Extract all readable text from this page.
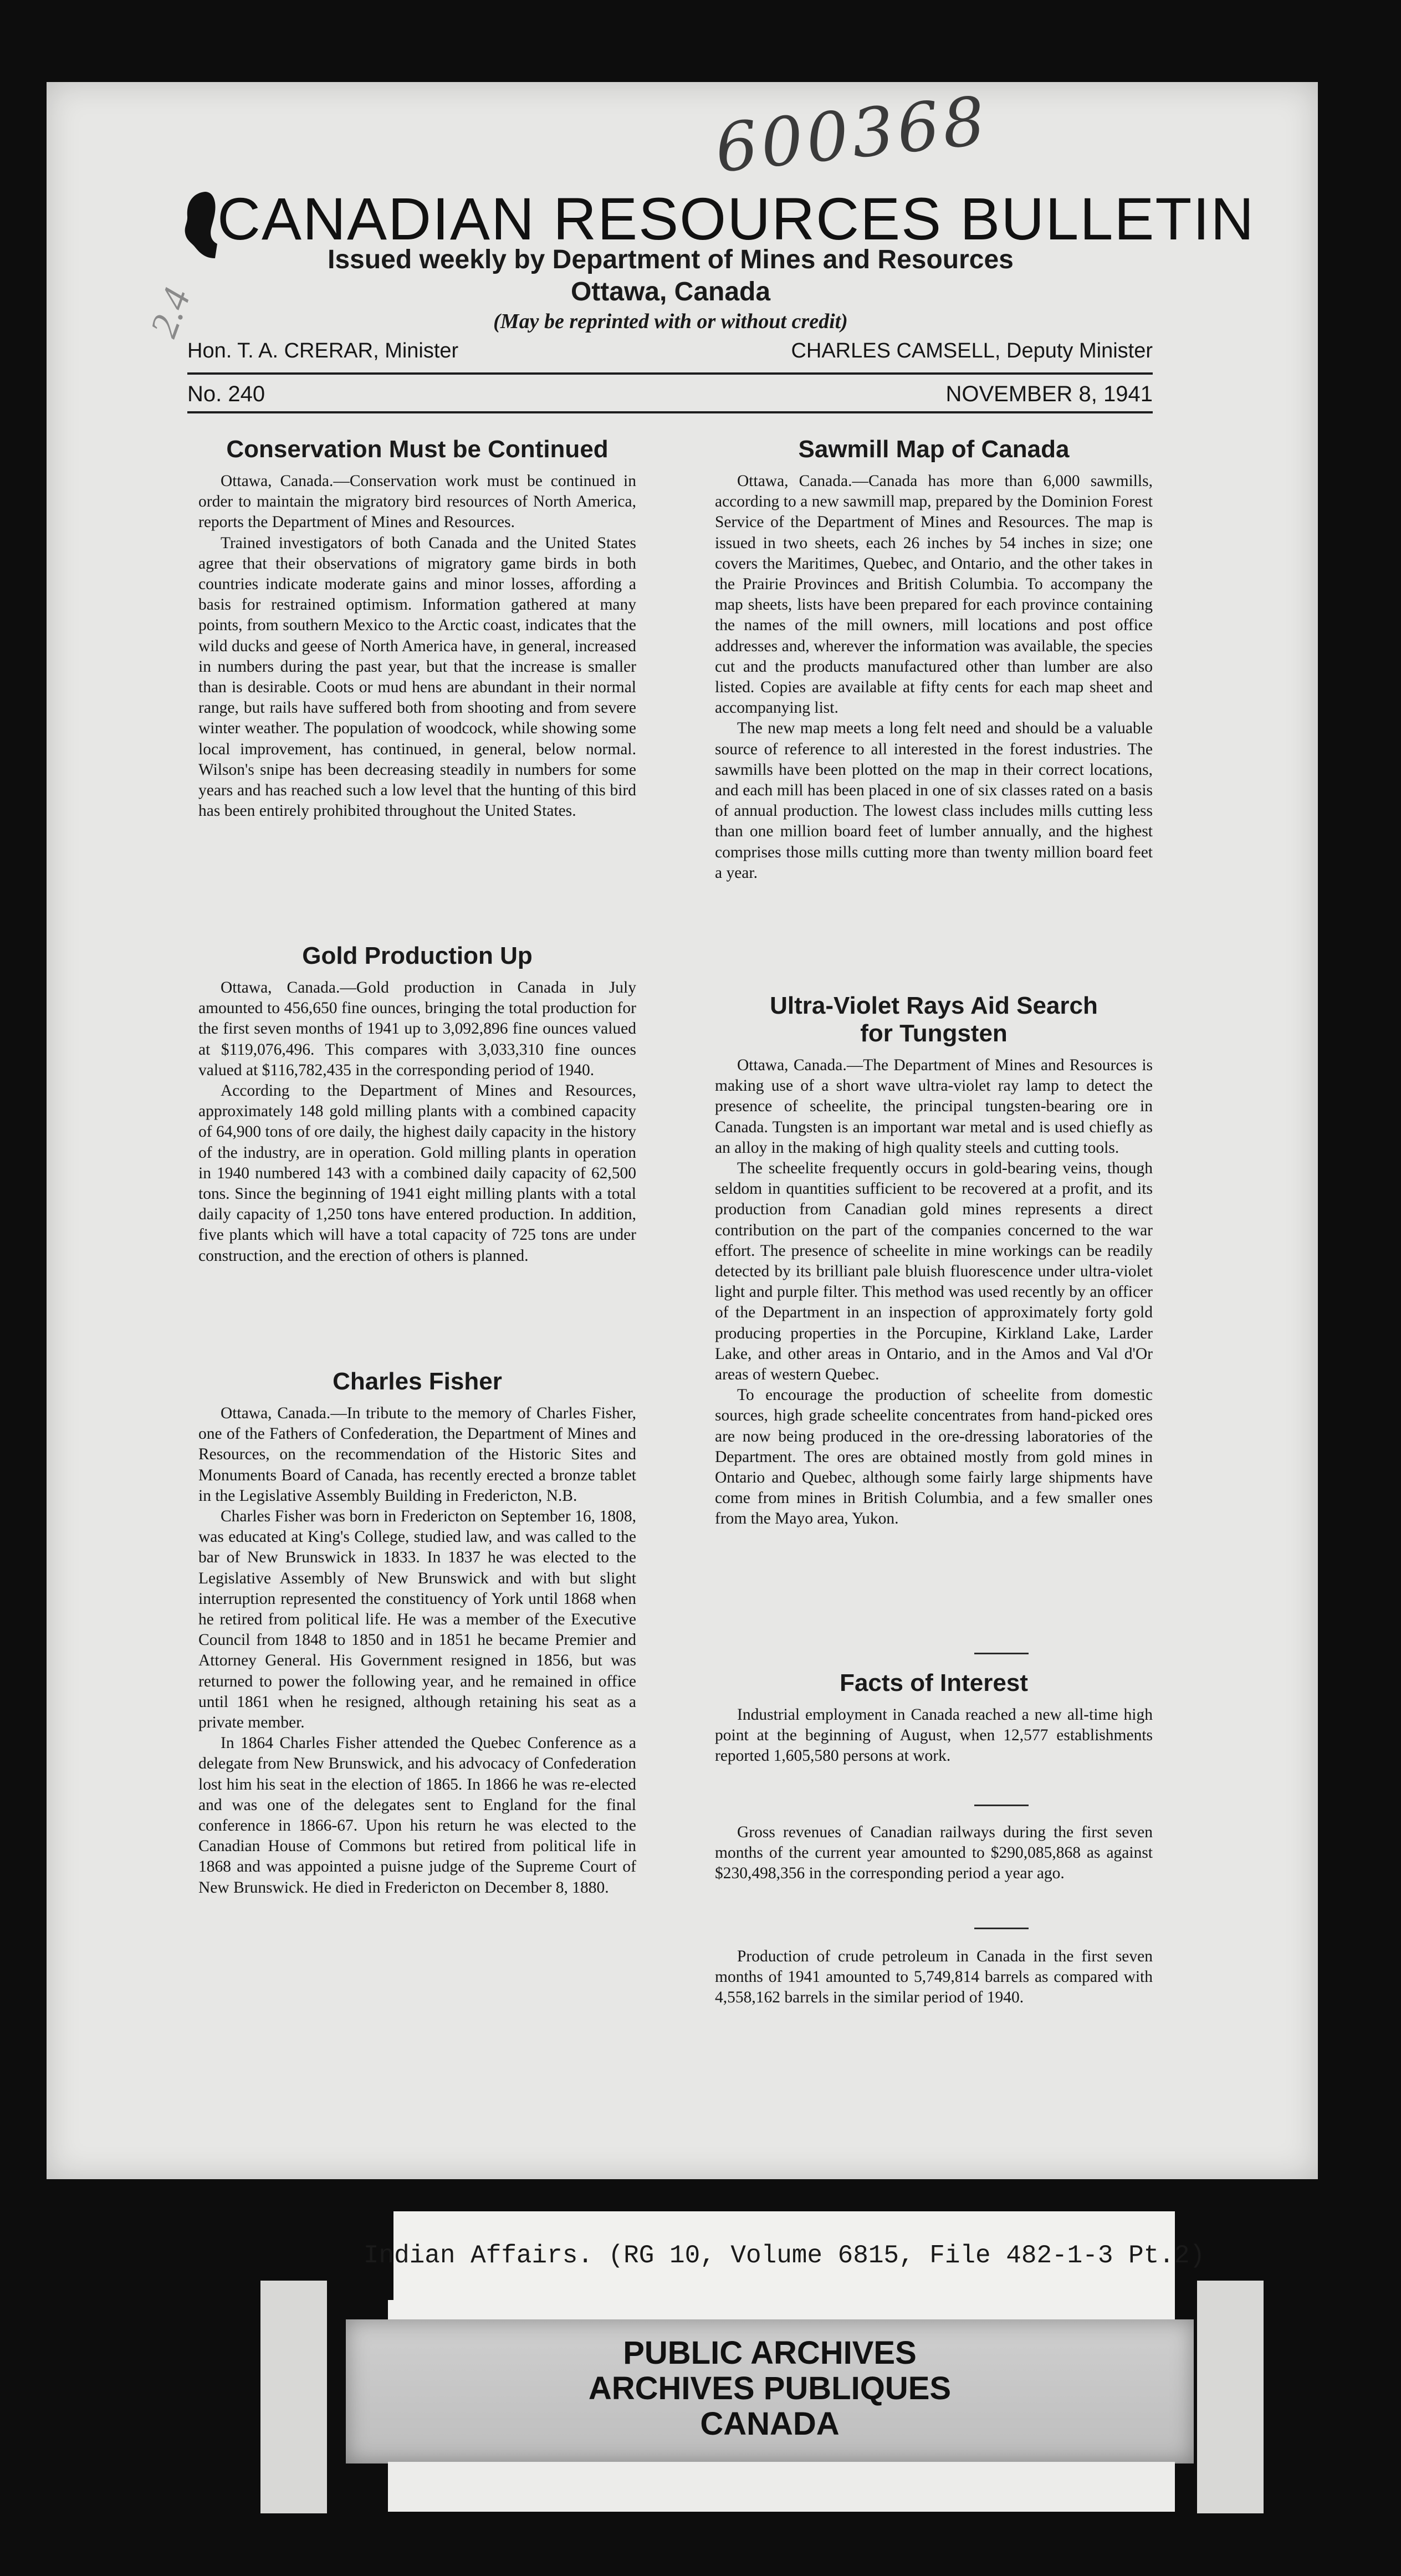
600368
2.4
CANADIAN RESOURCES BULLETIN
Issued weekly by Department of Mines and Resources
Ottawa, Canada
(May be reprinted with or without credit)
Hon. T. A. CRERAR, Minister	CHARLES CAMSELL, Deputy Minister
No. 240	NOVEMBER 8, 1941
Conservation Must be Continued

Ottawa, Canada.—Conservation work must be continued in order to maintain the migratory bird resources of North America, reports the Department of Mines and Resources.

Trained investigators of both Canada and the United States agree that their observations of migratory game birds in both countries indicate moderate gains and minor losses, affording a basis for restrained optimism. Information gathered at many points, from southern Mexico to the Arctic coast, indicates that the wild ducks and geese of North America have, in general, increased in numbers during the past year, but that the increase is smaller than is desirable. Coots or mud hens are abundant in their normal range, but rails have suffered both from shooting and from severe winter weather. The population of woodcock, while showing some local improvement, has continued, in general, below normal. Wilson's snipe has been decreasing steadily in numbers for some years and has reached such a low level that the hunting of this bird has been entirely prohibited throughout the United States.

Gold Production Up

Ottawa, Canada.—Gold production in Canada in July amounted to 456,650 fine ounces, bringing the total production for the first seven months of 1941 up to 3,092,896 fine ounces valued at $119,076,496. This compares with 3,033,310 fine ounces valued at $116,782,435 in the corresponding period of 1940.

According to the Department of Mines and Resources, approximately 148 gold milling plants with a combined capacity of 64,900 tons of ore daily, the highest daily capacity in the history of the industry, are in operation. Gold milling plants in operation in 1940 numbered 143 with a combined daily capacity of 62,500 tons. Since the beginning of 1941 eight milling plants with a total daily capacity of 1,250 tons have entered production. In addition, five plants which will have a total capacity of 725 tons are under construction, and the erection of others is planned.

Charles Fisher

Ottawa, Canada.—In tribute to the memory of Charles Fisher, one of the Fathers of Confederation, the Department of Mines and Resources, on the recommendation of the Historic Sites and Monuments Board of Canada, has recently erected a bronze tablet in the Legislative Assembly Building in Fredericton, N.B.

Charles Fisher was born in Fredericton on September 16, 1808, was educated at King's College, studied law, and was called to the bar of New Brunswick in 1833. In 1837 he was elected to the Legislative Assembly of New Brunswick and with but slight interruption represented the constituency of York until 1868 when he retired from political life. He was a member of the Executive Council from 1848 to 1850 and in 1851 he became Premier and Attorney General. His Government resigned in 1856, but was returned to power the following year, and he remained in office until 1861 when he resigned, although retaining his seat as a private member.

In 1864 Charles Fisher attended the Quebec Conference as a delegate from New Brunswick, and his advocacy of Confederation lost him his seat in the election of 1865. In 1866 he was re-elected and was one of the delegates sent to England for the final conference in 1866-67. Upon his return he was elected to the Canadian House of Commons but retired from political life in 1868 and was appointed a puisne judge of the Supreme Court of New Brunswick. He died in Fredericton on December 8, 1880.

Sawmill Map of Canada

Ottawa, Canada.—Canada has more than 6,000 sawmills, according to a new sawmill map, prepared by the Dominion Forest Service of the Department of Mines and Resources. The map is issued in two sheets, each 26 inches by 54 inches in size; one covers the Maritimes, Quebec, and Ontario, and the other takes in the Prairie Provinces and British Columbia. To accompany the map sheets, lists have been prepared for each province containing the names of the mill owners, mill locations and post office addresses and, wherever the information was available, the species cut and the products manufactured other than lumber are also listed. Copies are available at fifty cents for each map sheet and accompanying list.

The new map meets a long felt need and should be a valuable source of reference to all interested in the forest industries. The sawmills have been plotted on the map in their correct locations, and each mill has been placed in one of six classes rated on a basis of annual production. The lowest class includes mills cutting less than one million board feet of lumber annually, and the highest comprises those mills cutting more than twenty million board feet a year.

Ultra-Violet Rays Aid Search
for Tungsten

Ottawa, Canada.—The Department of Mines and Resources is making use of a short wave ultra-violet ray lamp to detect the presence of scheelite, the principal tungsten-bearing ore in Canada. Tungsten is an important war metal and is used chiefly as an alloy in the making of high quality steels and cutting tools.

The scheelite frequently occurs in gold-bearing veins, though seldom in quantities sufficient to be recovered at a profit, and its production from Canadian gold mines represents a direct contribution on the part of the companies concerned to the war effort. The presence of scheelite in mine workings can be readily detected by its brilliant pale bluish fluorescence under ultra-violet light and purple filter. This method was used recently by an officer of the Department in an inspection of approximately forty gold producing properties in the Porcupine, Kirkland Lake, Larder Lake, and other areas in Ontario, and in the Amos and Val d'Or areas of western Quebec.

To encourage the production of scheelite from domestic sources, high grade scheelite concentrates from hand-picked ores are now being produced in the ore-dressing laboratories of the Department. The ores are obtained mostly from gold mines in Ontario and Quebec, although some fairly large shipments have come from mines in British Columbia, and a few smaller ones from the Mayo area, Yukon.

Facts of Interest

Industrial employment in Canada reached a new all-time high point at the beginning of August, when 12,577 establishments reported 1,605,580 persons at work.

Gross revenues of Canadian railways during the first seven months of the current year amounted to $290,085,868 as against $230,498,356 in the corresponding period a year ago.

Production of crude petroleum in Canada in the first seven months of 1941 amounted to 5,749,814 barrels as compared with 4,558,162 barrels in the similar period of 1940.

Indian Affairs. (RG 10, Volume 6815, File 482-1-3 Pt.2)
PUBLIC ARCHIVES
ARCHIVES PUBLIQUES
CANADA
